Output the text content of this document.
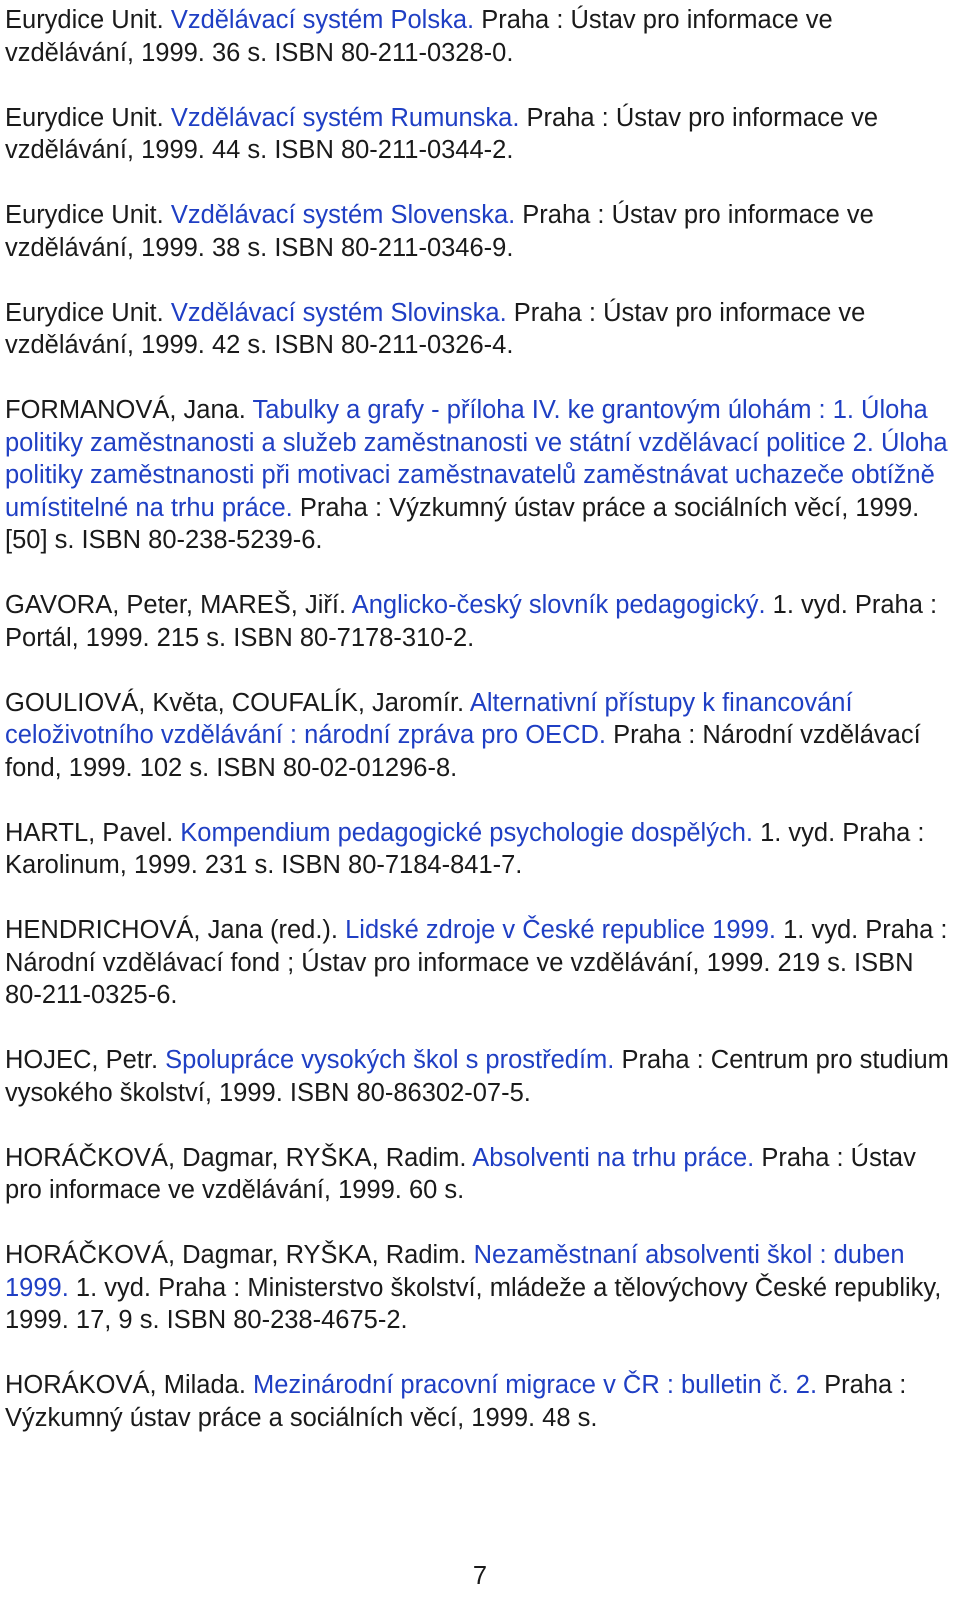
Eurydice Unit. Vzdělávací systém Polska. Praha : Ústav pro informace ve vzdělávání, 1999. 36 s. ISBN 80-211-0328-0.

Eurydice Unit. Vzdělávací systém Rumunska. Praha : Ústav pro informace ve vzdělávání, 1999. 44 s. ISBN 80-211-0344-2.

Eurydice Unit. Vzdělávací systém Slovenska. Praha : Ústav pro informace ve vzdělávání, 1999. 38 s. ISBN 80-211-0346-9.

Eurydice Unit. Vzdělávací systém Slovinska. Praha : Ústav pro informace ve vzdělávání, 1999. 42 s. ISBN 80-211-0326-4.

FORMANOVÁ, Jana. Tabulky a grafy - příloha IV. ke grantovým úlohám : 1. Úloha politiky zaměstnanosti a služeb zaměstnanosti ve státní vzdělávací politice 2. Úloha politiky zaměstnanosti při motivaci zaměstnavatelů zaměstnávat uchazeče obtížně umístitelné na trhu práce. Praha : Výzkumný ústav práce a sociálních věcí, 1999. [50] s. ISBN 80-238-5239-6.

GAVORA, Peter, MAREŠ, Jiří. Anglicko-český slovník pedagogický. 1. vyd. Praha : Portál, 1999. 215 s. ISBN 80-7178-310-2.

GOULIOVÁ, Květa, COUFALÍK, Jaromír. Alternativní přístupy k financování celoživotního vzdělávání : národní zpráva pro OECD. Praha : Národní vzdělávací fond, 1999. 102 s. ISBN 80-02-01296-8.

HARTL, Pavel. Kompendium pedagogické psychologie dospělých. 1. vyd. Praha : Karolinum, 1999. 231 s. ISBN 80-7184-841-7.

HENDRICHOVÁ, Jana (red.). Lidské zdroje v České republice 1999. 1. vyd. Praha : Národní vzdělávací fond ; Ústav pro informace ve vzdělávání, 1999. 219 s. ISBN 80-211-0325-6.

HOJEC, Petr. Spolupráce vysokých škol s prostředím. Praha : Centrum pro studium vysokého školství, 1999. ISBN 80-86302-07-5.

HORÁČKOVÁ, Dagmar, RYŠKA, Radim. Absolventi na trhu práce. Praha : Ústav pro informace ve vzdělávání, 1999. 60 s.

HORÁČKOVÁ, Dagmar, RYŠKA, Radim. Nezaměstnaní absolventi škol : duben 1999. 1. vyd. Praha : Ministerstvo školství, mládeže a tělovýchovy České republiky, 1999. 17, 9 s. ISBN 80-238-4675-2.

HORÁKOVÁ, Milada. Mezinárodní pracovní migrace v ČR : bulletin č. 2. Praha : Výzkumný ústav práce a sociálních věcí, 1999. 48 s.

7
